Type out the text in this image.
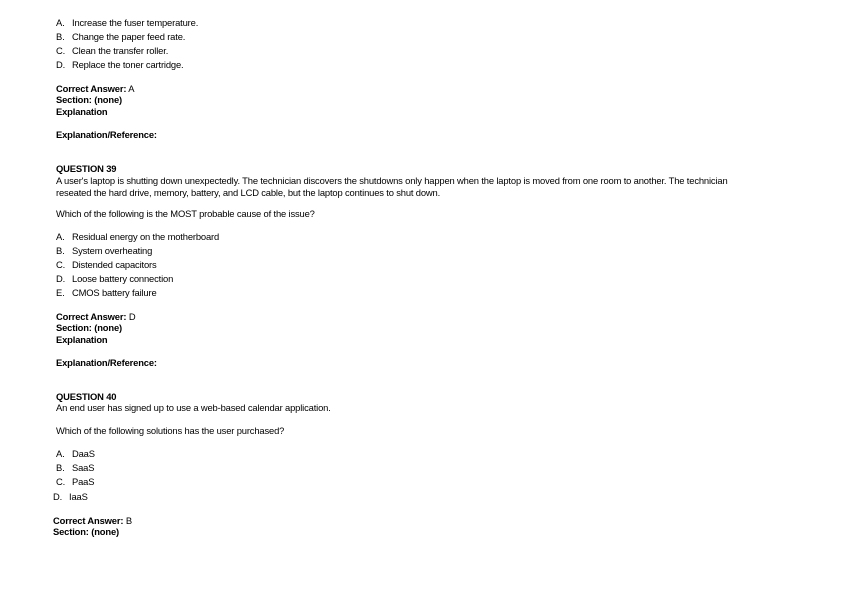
A. Increase the fuser temperature.
B. Change the paper feed rate.
C. Clean the transfer roller.
D. Replace the toner cartridge.
Correct Answer: A
Section: (none)
Explanation
Explanation/Reference:
QUESTION 39
A user's laptop is shutting down unexpectedly. The technician discovers the shutdowns only happen when the laptop is moved from one room to another. The technician reseated the hard drive, memory, battery, and LCD cable, but the laptop continues to shut down.
Which of the following is the MOST probable cause of the issue?
A. Residual energy on the motherboard
B. System overheating
C. Distended capacitors
D. Loose battery connection
E. CMOS battery failure
Correct Answer: D
Section: (none)
Explanation
Explanation/Reference:
QUESTION 40
An end user has signed up to use a web-based calendar application.
Which of the following solutions has the user purchased?
A. DaaS
B. SaaS
C. PaaS
D. IaaS
Correct Answer: B
Section: (none)
